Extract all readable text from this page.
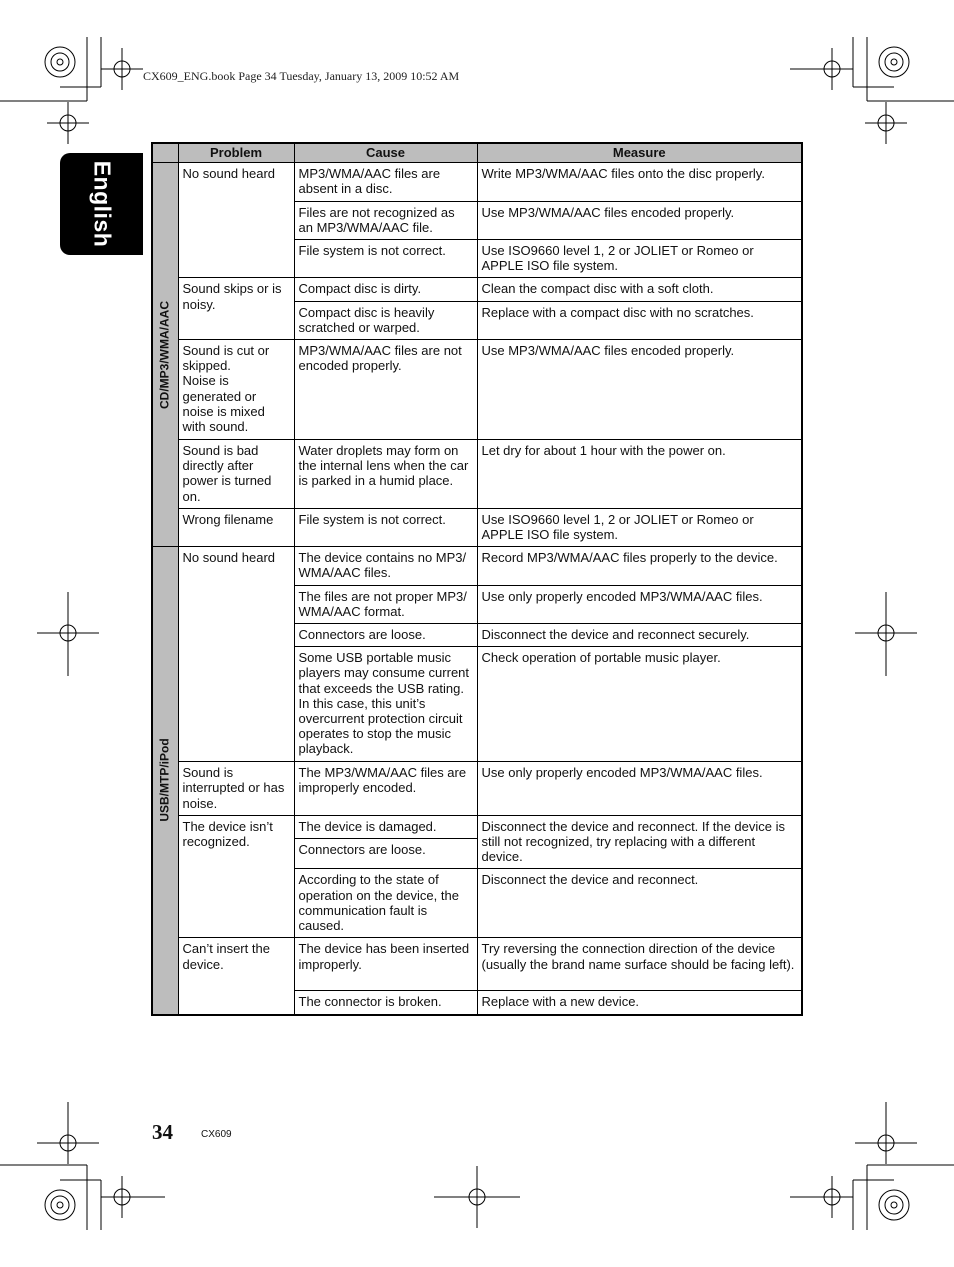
CX609_ENG.book Page 34 Tuesday, January 13, 2009 10:52 AM
English
	Problem	Cause	Measure

CD/MP3/WMA/AAC	No sound heard	MP3/WMA/AAC files are absent in a disc.	Write MP3/WMA/AAC files onto the disc properly.
		Files are not recognized as an MP3/WMA/AAC file.	Use MP3/WMA/AAC files encoded properly.
		File system is not correct.	Use ISO9660 level 1, 2 or JOLIET or Romeo or APPLE ISO file system.

	Sound skips or is noisy.	Compact disc is dirty.	Clean the compact disc with a soft cloth.
		Compact disc is heavily scratched or warped.	Replace with a compact disc with no scratches.

	Sound is cut or skipped.
Noise is generated or noise is mixed with sound.	MP3/WMA/AAC files are not encoded properly.	Use MP3/WMA/AAC files encoded properly.

	Sound is bad directly after power is turned on.	Water droplets may form on the internal lens when the car is parked in a humid place.	Let dry for about 1 hour with the power on.

	Wrong filename	File system is not correct.	Use ISO9660 level 1, 2 or JOLIET or Romeo or APPLE ISO file system.

USB/MTP/iPod	No sound heard	The device contains no MP3/ WMA/AAC files.	Record MP3/WMA/AAC files properly to the device.
		The files are not proper MP3/ WMA/AAC format.	Use only properly encoded MP3/WMA/AAC files.
		Connectors are loose.	Disconnect the device and reconnect securely.
		Some USB portable music players may consume current that exceeds the USB rating. In this case, this unit’s overcurrent protection circuit operates to stop the music playback.	Check operation of portable music player.

	Sound is interrupted or has noise.	The MP3/WMA/AAC files are improperly encoded.	Use only properly encoded MP3/WMA/AAC files.

	The device isn’t recognized.	The device is damaged.	Disconnect the device and reconnect. If the device is still not recognized, try replacing with a different device.
		Connectors are loose.	
		According to the state of operation on the device, the communication fault is caused.	Disconnect the device and reconnect.

	Can’t insert the device.	The device has been inserted improperly.	Try reversing the connection direction of the device (usually the brand name surface should be facing left).
		The connector is broken.	Replace with a new device.
34	CX609
